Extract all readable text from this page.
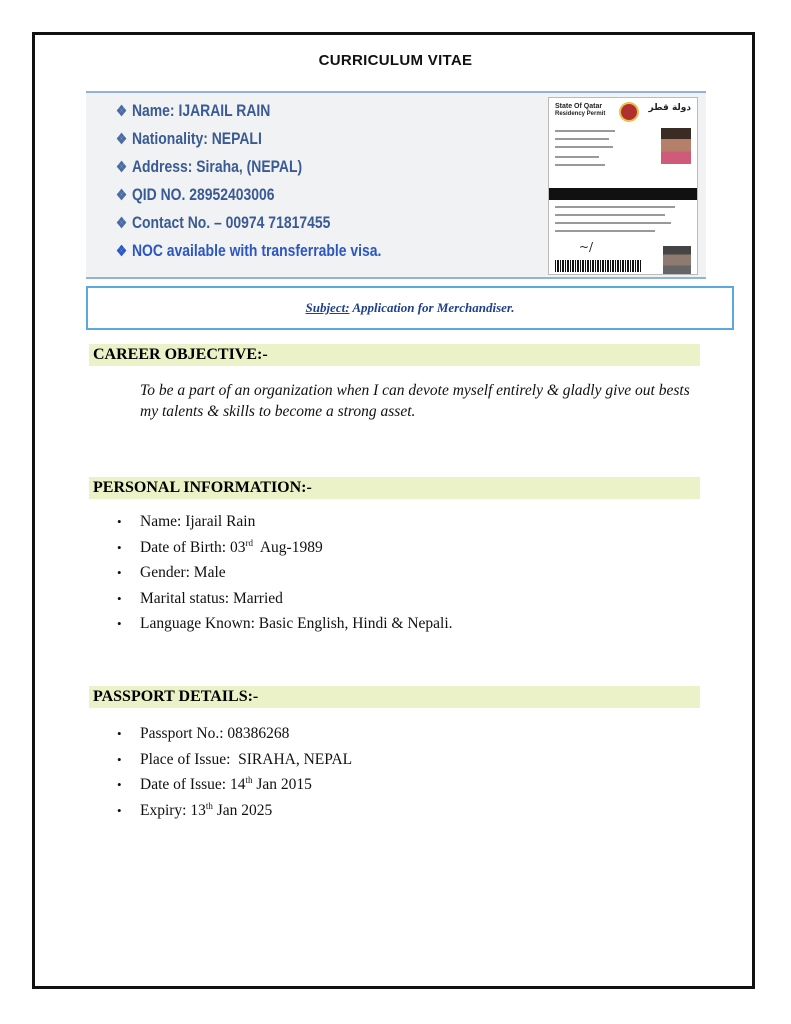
CURRICULUM VITAE
❖ Name: IJARAIL RAIN
❖ Nationality: NEPALI
❖ Address: Siraha, (NEPAL)
❖ QID NO. 28952403006
❖ Contact No. – 00974 71817455
❖ NOC available with transferrable visa.
State Of Qatar
Residency Permit
دولة قطر
~/
Subject: Application for Merchandiser.
CAREER OBJECTIVE:-
To be a part of an organization when I can devote myself entirely & gladly give out bests my talents & skills to become a strong asset.
PERSONAL INFORMATION:-
• Name: Ijarail Rain
• Date of Birth: 03rd  Aug-1989
• Gender: Male
• Marital status: Married
• Language Known: Basic English, Hindi & Nepali.
PASSPORT DETAILS:-
• Passport No.: 08386268
• Place of Issue:  SIRAHA, NEPAL
• Date of Issue: 14th Jan 2015
• Expiry: 13th Jan 2025
